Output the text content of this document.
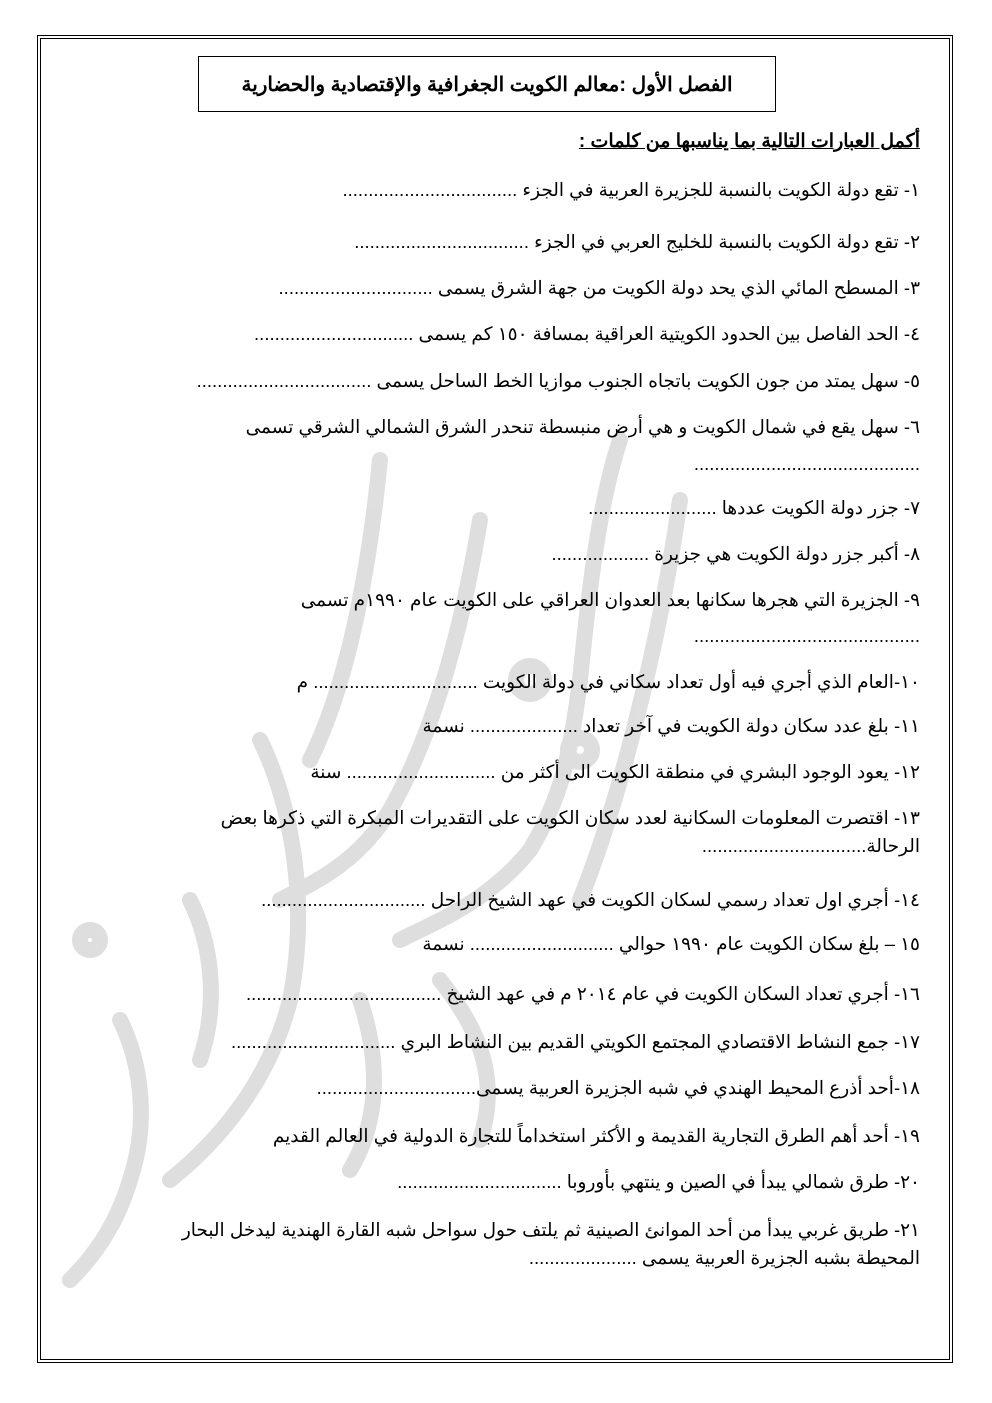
الفصل الأول :معالم الكويت الجغرافية والإقتصادية والحضارية
أكمل العبارات التالية بما يناسبها من كلمات :
١- تقع دولة الكويت بالنسبة للجزيرة العربية في الجزء ..................................
٢- تقع دولة الكويت بالنسبة للخليج العربي في الجزء ..................................
٣- المسطح المائي الذي يحد دولة الكويت من جهة الشرق يسمى ..............................
٤- الحد الفاصل بين الحدود الكويتية العراقية بمسافة ١٥٠ كم يسمى ...............................
٥- سهل يمتد من جون الكويت باتجاه الجنوب موازيا الخط الساحل يسمى ..................................
٦- سهل يقع في شمال الكويت و هي أرض منبسطة تنحدر الشرق الشمالي الشرقي تسمى
............................................
٧- جزر دولة الكويت عددها .........................
٨- أكبر جزر دولة الكويت هي جزيرة ...................
٩- الجزيرة التي هجرها سكانها بعد العدوان العراقي على الكويت عام ١٩٩٠م تسمى
............................................
١٠-العام الذي أجري فيه أول تعداد سكاني في دولة الكويت ................................ م
١١- بلغ عدد سكان دولة الكويت في آخر تعداد ..................... نسمة
١٢- يعود الوجود البشري في منطقة الكويت الى أكثر من ............................. سنة
١٣- اقتصرت المعلومات السكانية لعدد سكان الكويت على التقديرات المبكرة التي ذكرها بعض الرحالة................................
١٤- أجري اول تعداد رسمي لسكان الكويت في عهد الشيخ الراحل ................................
١٥ – بلغ سكان الكويت عام ١٩٩٠ حوالي ............................ نسمة
١٦- أجري تعداد السكان الكويت في عام ٢٠١٤ م في عهد الشيخ ......................................
١٧- جمع النشاط الاقتصادي المجتمع الكويتي القديم بين النشاط البري ................................
١٨-أحد أذرع المحيط الهندي في شبه الجزيرة العربية يسمى...............................
١٩- أحد أهم الطرق التجارية القديمة و الأكثر استخداماً للتجارة الدولية في العالم القديم
٢٠- طرق شمالي يبدأ في الصين و ينتهي بأوروبا ................................
٢١- طريق غربي يبدأ من أحد الموانئ الصينية ثم يلتف حول سواحل شبه القارة الهندية ليدخل البحار المحيطة بشبه الجزيرة العربية يسمى .....................
